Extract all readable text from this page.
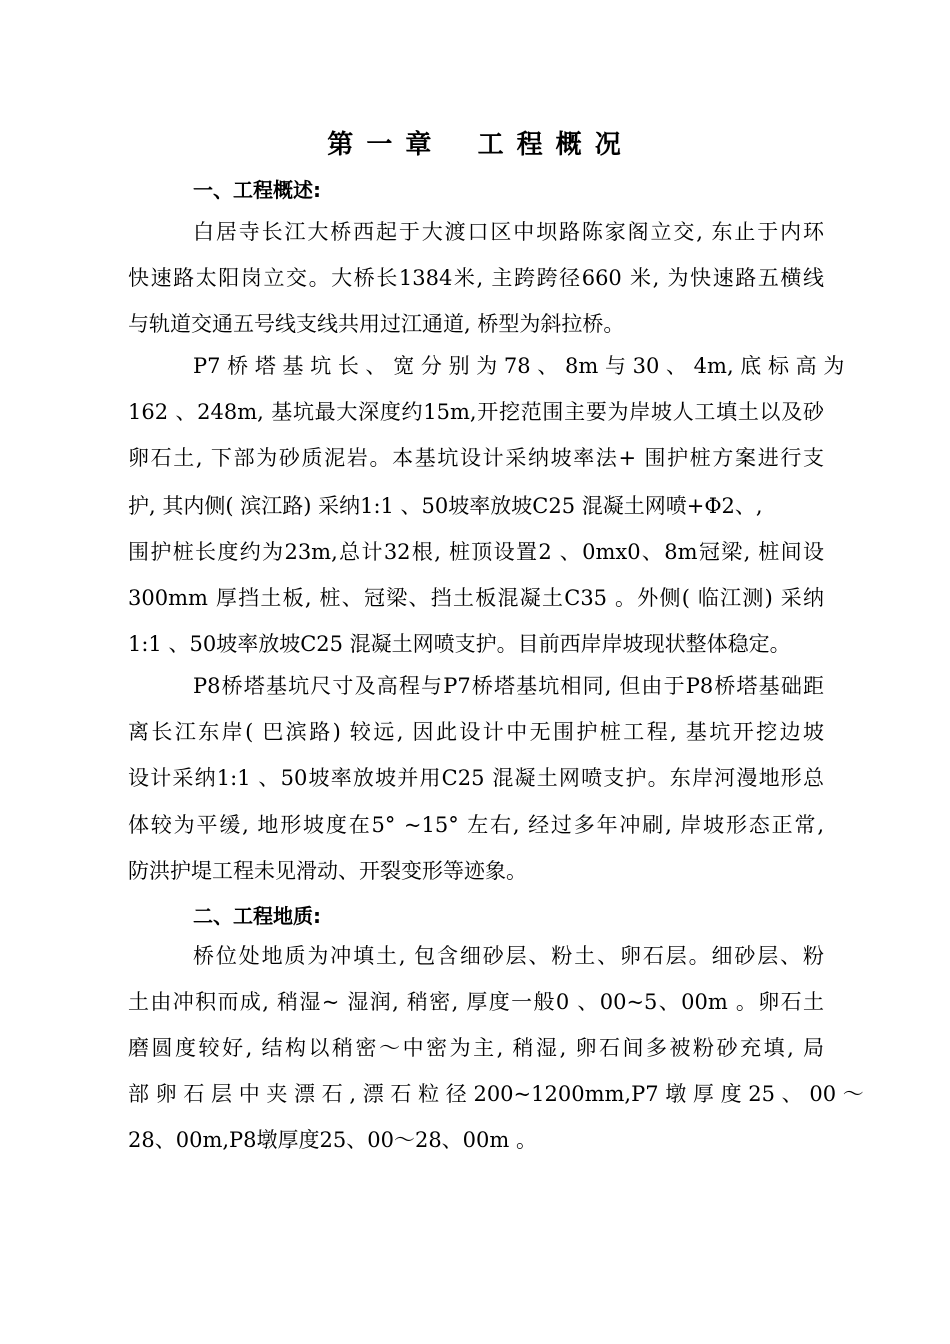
第 一 章    工 程 概 况
一、工程概述:
白居寺长江大桥西起于大渡口区中坝路陈家阁立交, 东止于内环
快速路太阳岗立交。大桥长1384米, 主跨跨径660 米, 为快速路五横线
与轨道交通五号线支线共用过江通道, 桥型为斜拉桥。
P7 桥 塔 基 坑 长 、 宽 分 别 为 78 、 8m 与 30 、 4m, 底 标 高 为
162 、248m, 基坑最大深度约15m,开挖范围主要为岸坡人工填土以及砂
卵石土, 下部为砂质泥岩。本基坑设计采纳坡率法+ 围护桩方案进行支
护, 其内侧( 滨江路) 采纳1:1 、50坡率放坡C25 混凝土网喷+Φ2、,
围护桩长度约为23m,总计32根, 桩顶设置2 、0mx0、8m冠梁, 桩间设
300mm 厚挡土板, 桩、冠梁、挡土板混凝土C35 。外侧( 临江测) 采纳
1:1 、50坡率放坡C25 混凝土网喷支护。目前西岸岸坡现状整体稳定。
P8桥塔基坑尺寸及高程与P7桥塔基坑相同, 但由于P8桥塔基础距
离长江东岸( 巴滨路) 较远, 因此设计中无围护桩工程, 基坑开挖边坡
设计采纳1:1 、50坡率放坡并用C25 混凝土网喷支护。东岸河漫地形总
体较为平缓, 地形坡度在5° ~15° 左右, 经过多年冲刷, 岸坡形态正常,
防洪护堤工程未见滑动、开裂变形等迹象。
二、工程地质:
桥位处地质为冲填土, 包含细砂层、粉土、卵石层。细砂层、粉
土由冲积而成, 稍湿~ 湿润, 稍密, 厚度一般0 、00~5、00m 。卵石土
磨圆度较好, 结构以稍密～中密为主, 稍湿, 卵石间多被粉砂充填, 局
部 卵 石 层 中 夹 漂 石 , 漂 石 粒 径 200~1200mm,P7 墩 厚 度 25 、 00 ～
28、00m,P8墩厚度25、00～28、00m 。
